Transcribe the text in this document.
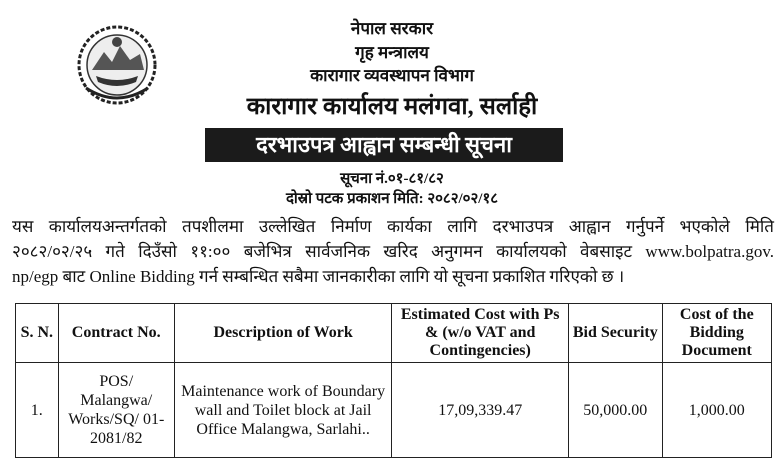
नेपाल सरकार
गृह मन्त्रालय
कारागार व्यवस्थापन विभाग
कारागार कार्यालय मलंगवा, सर्लाही
दरभाउपत्र आह्वान सम्बन्धी सूचना
सूचना नं.०१-८१/८२
दोस्रो पटक प्रकाशन मिति: २०८२/०२/१८
यस कार्यालयअन्तर्गतको तपशीलमा उल्लेखित निर्माण कार्यका लागि दरभाउपत्र आह्वान गर्नुपर्ने भएकोले मिति
२०८२/०२/२५ गते दिउँसो ११:०० बजेभित्र सार्वजनिक खरिद अनुगमन कार्यालयको वेबसाइट www.bolpatra.gov.
np/egp बाट Online Bidding गर्न सम्बन्धित सबैमा जानकारीका लागि यो सूचना प्रकाशित गरिएको छ ।
S. N.	Contract No.	Description of Work	Estimated Cost with Ps & (w/o VAT and Contingencies)	Bid Security	Cost of the Bidding Document
1.	POS/ Malangwa/ Works/SQ/ 01-2081/82	Maintenance work of Boundary wall and Toilet block at Jail Office Malangwa, Sarlahi..	17,09,339.47	50,000.00	1,000.00
